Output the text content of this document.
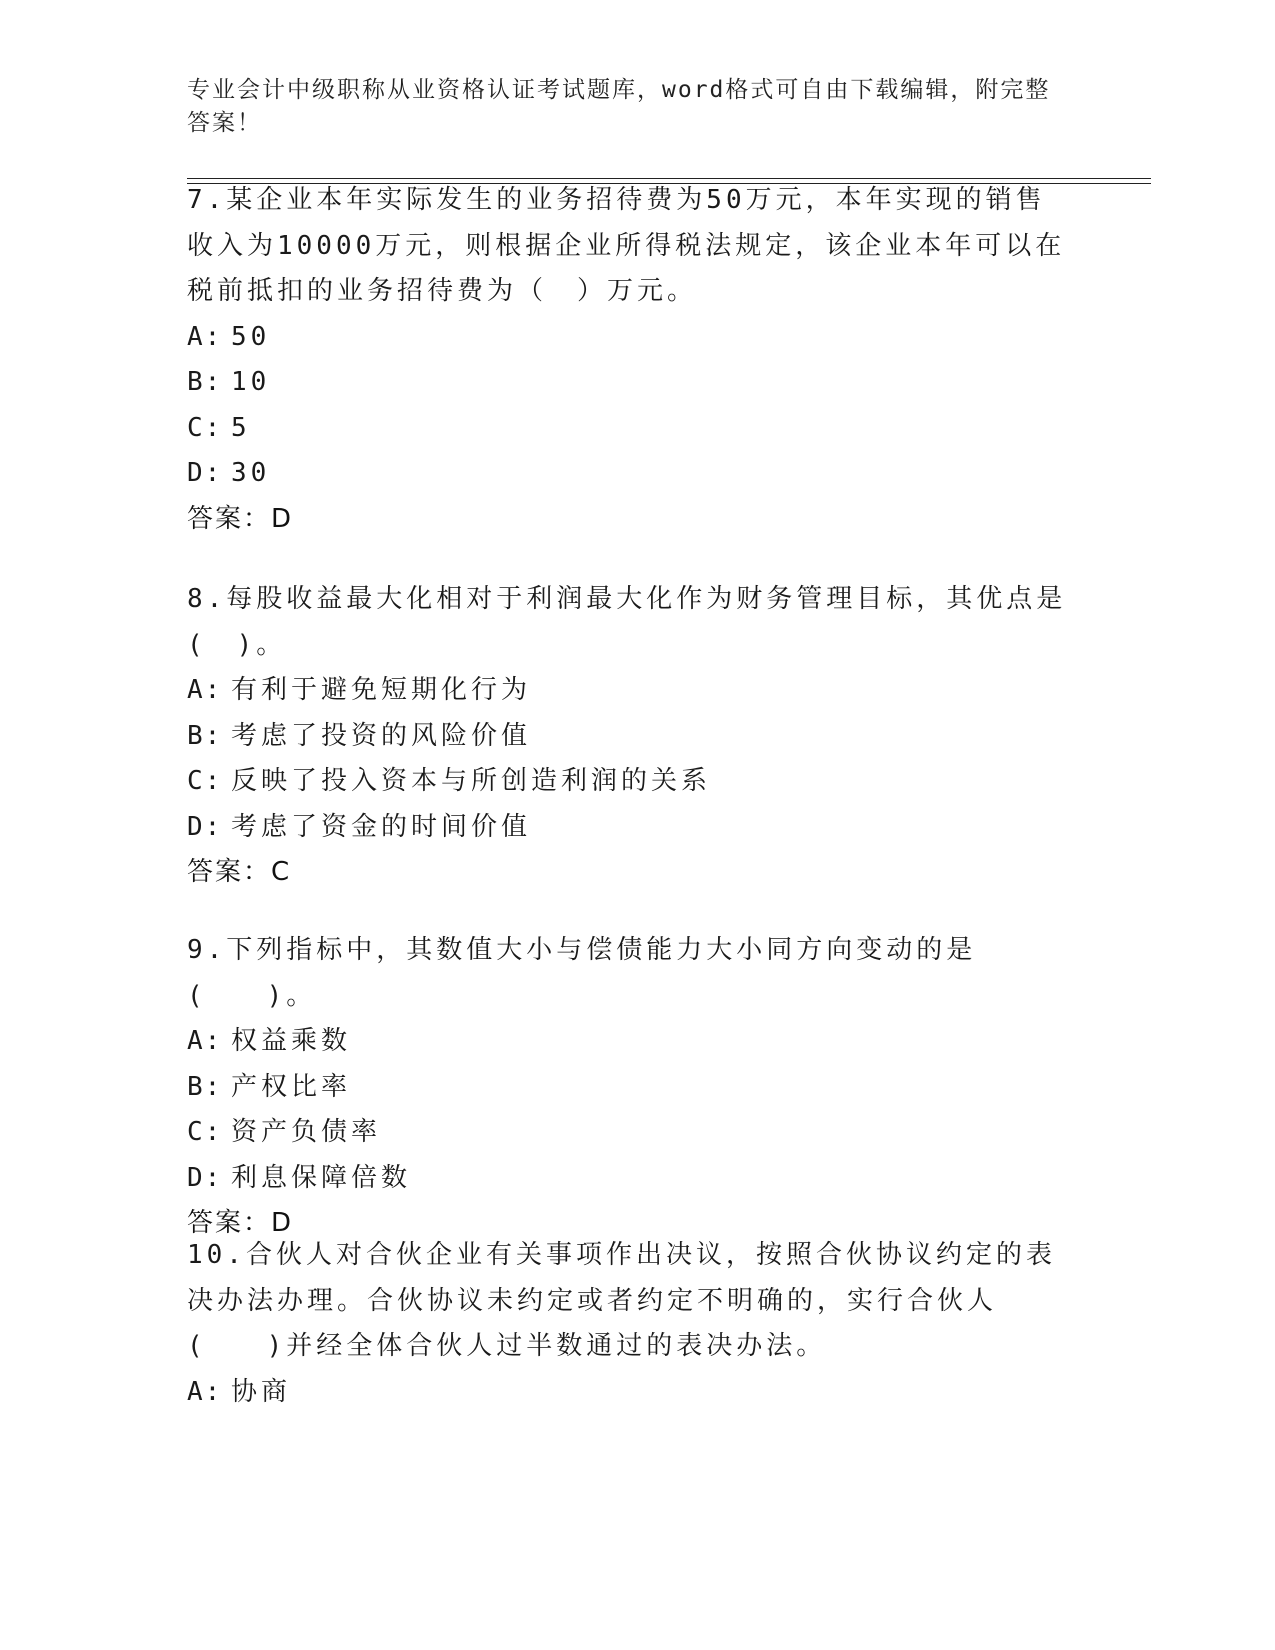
专业会计中级职称从业资格认证考试题库，word格式可自由下载编辑，附完整答案！

7.某企业本年实际发生的业务招待费为50万元，本年实现的销售收入为10000万元，则根据企业所得税法规定，该企业本年可以在税前抵扣的业务招待费为（　）万元。

A: 50

B: 10

C: 5

D: 30

答案：D

8.每股收益最大化相对于利润最大化作为财务管理目标，其优点是(　)。

A: 有利于避免短期化行为

B: 考虑了投资的风险价值

C: 反映了投入资本与所创造利润的关系

D: 考虑了资金的时间价值

答案：C

9.下列指标中，其数值大小与偿债能力大小同方向变动的是(　　)。

A: 权益乘数

B: 产权比率

C: 资产负债率

D: 利息保障倍数

答案：D

10.合伙人对合伙企业有关事项作出决议，按照合伙协议约定的表决办法办理。合伙协议未约定或者约定不明确的，实行合伙人(　　)并经全体合伙人过半数通过的表决办法。

A: 协商
